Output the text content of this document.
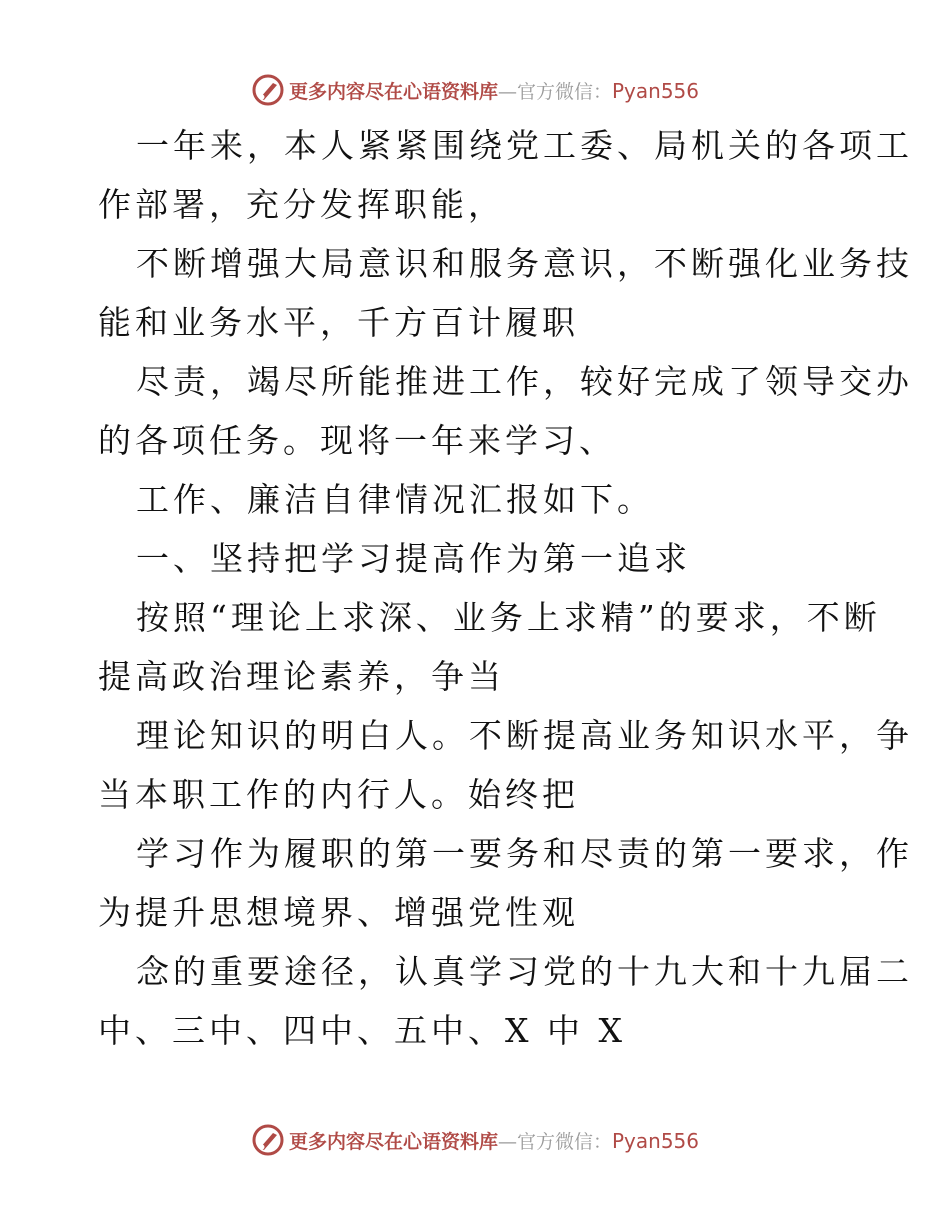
更多内容尽在心语资料库—官方微信：Pyan556
一年来，本人紧紧围绕党工委、局机关的各项工
作部署，充分发挥职能，
不断增强大局意识和服务意识，不断强化业务技
能和业务水平，千方百计履职
尽责，竭尽所能推进工作，较好完成了领导交办
的各项任务。现将一年来学习、
工作、廉洁自律情况汇报如下。
一、坚持把学习提高作为第一追求
按照“理论上求深、业务上求精”的要求，不断
提高政治理论素养，争当
理论知识的明白人。不断提高业务知识水平，争
当本职工作的内行人。始终把
学习作为履职的第一要务和尽责的第一要求，作
为提升思想境界、增强党性观
念的重要途径，认真学习党的十九大和十九届二
中、三中、四中、五中、X 中 X
更多内容尽在心语资料库—官方微信：Pyan556
